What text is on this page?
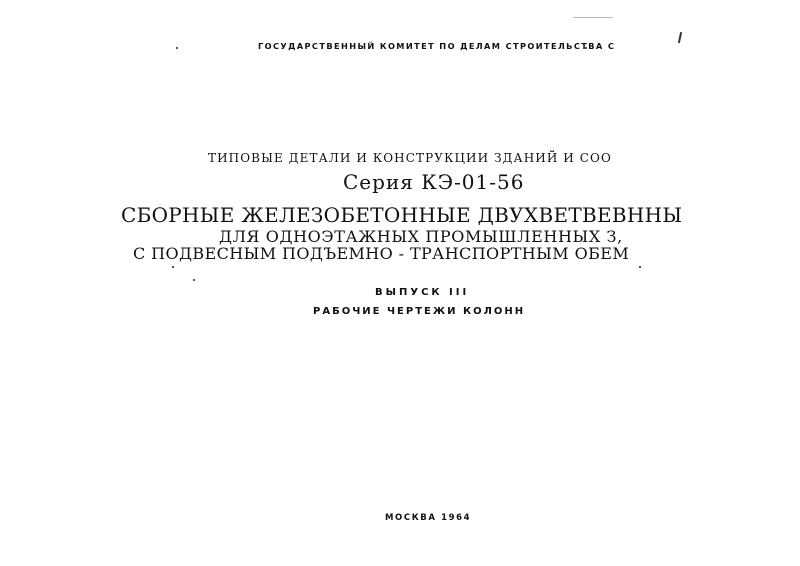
ГОСУДАРСТВЕННЫЙ КОМИТЕТ ПО ДЕЛАМ СТРОИТЕЛЬСТВА С
ТИПОВЫЕ ДЕТАЛИ И КОНСТРУКЦИИ ЗДАНИЙ И СОО
Серия КЭ-01-56
СБОРНЫЕ ЖЕЛЕЗОБЕТОННЫЕ ДВУХВЕТВЕВННЫ
ДЛЯ ОДНОЭТАЖНЫХ ПРОМЫШЛЕННЫХ З,
С ПОДВЕСНЫМ ПОДЪЕМНО - ТРАНСПОРТНЫМ ОБЕМ
ВЫПУСК III
РАБОЧИЕ ЧЕРТЕЖИ КОЛОНН
МОСКВА 1964
